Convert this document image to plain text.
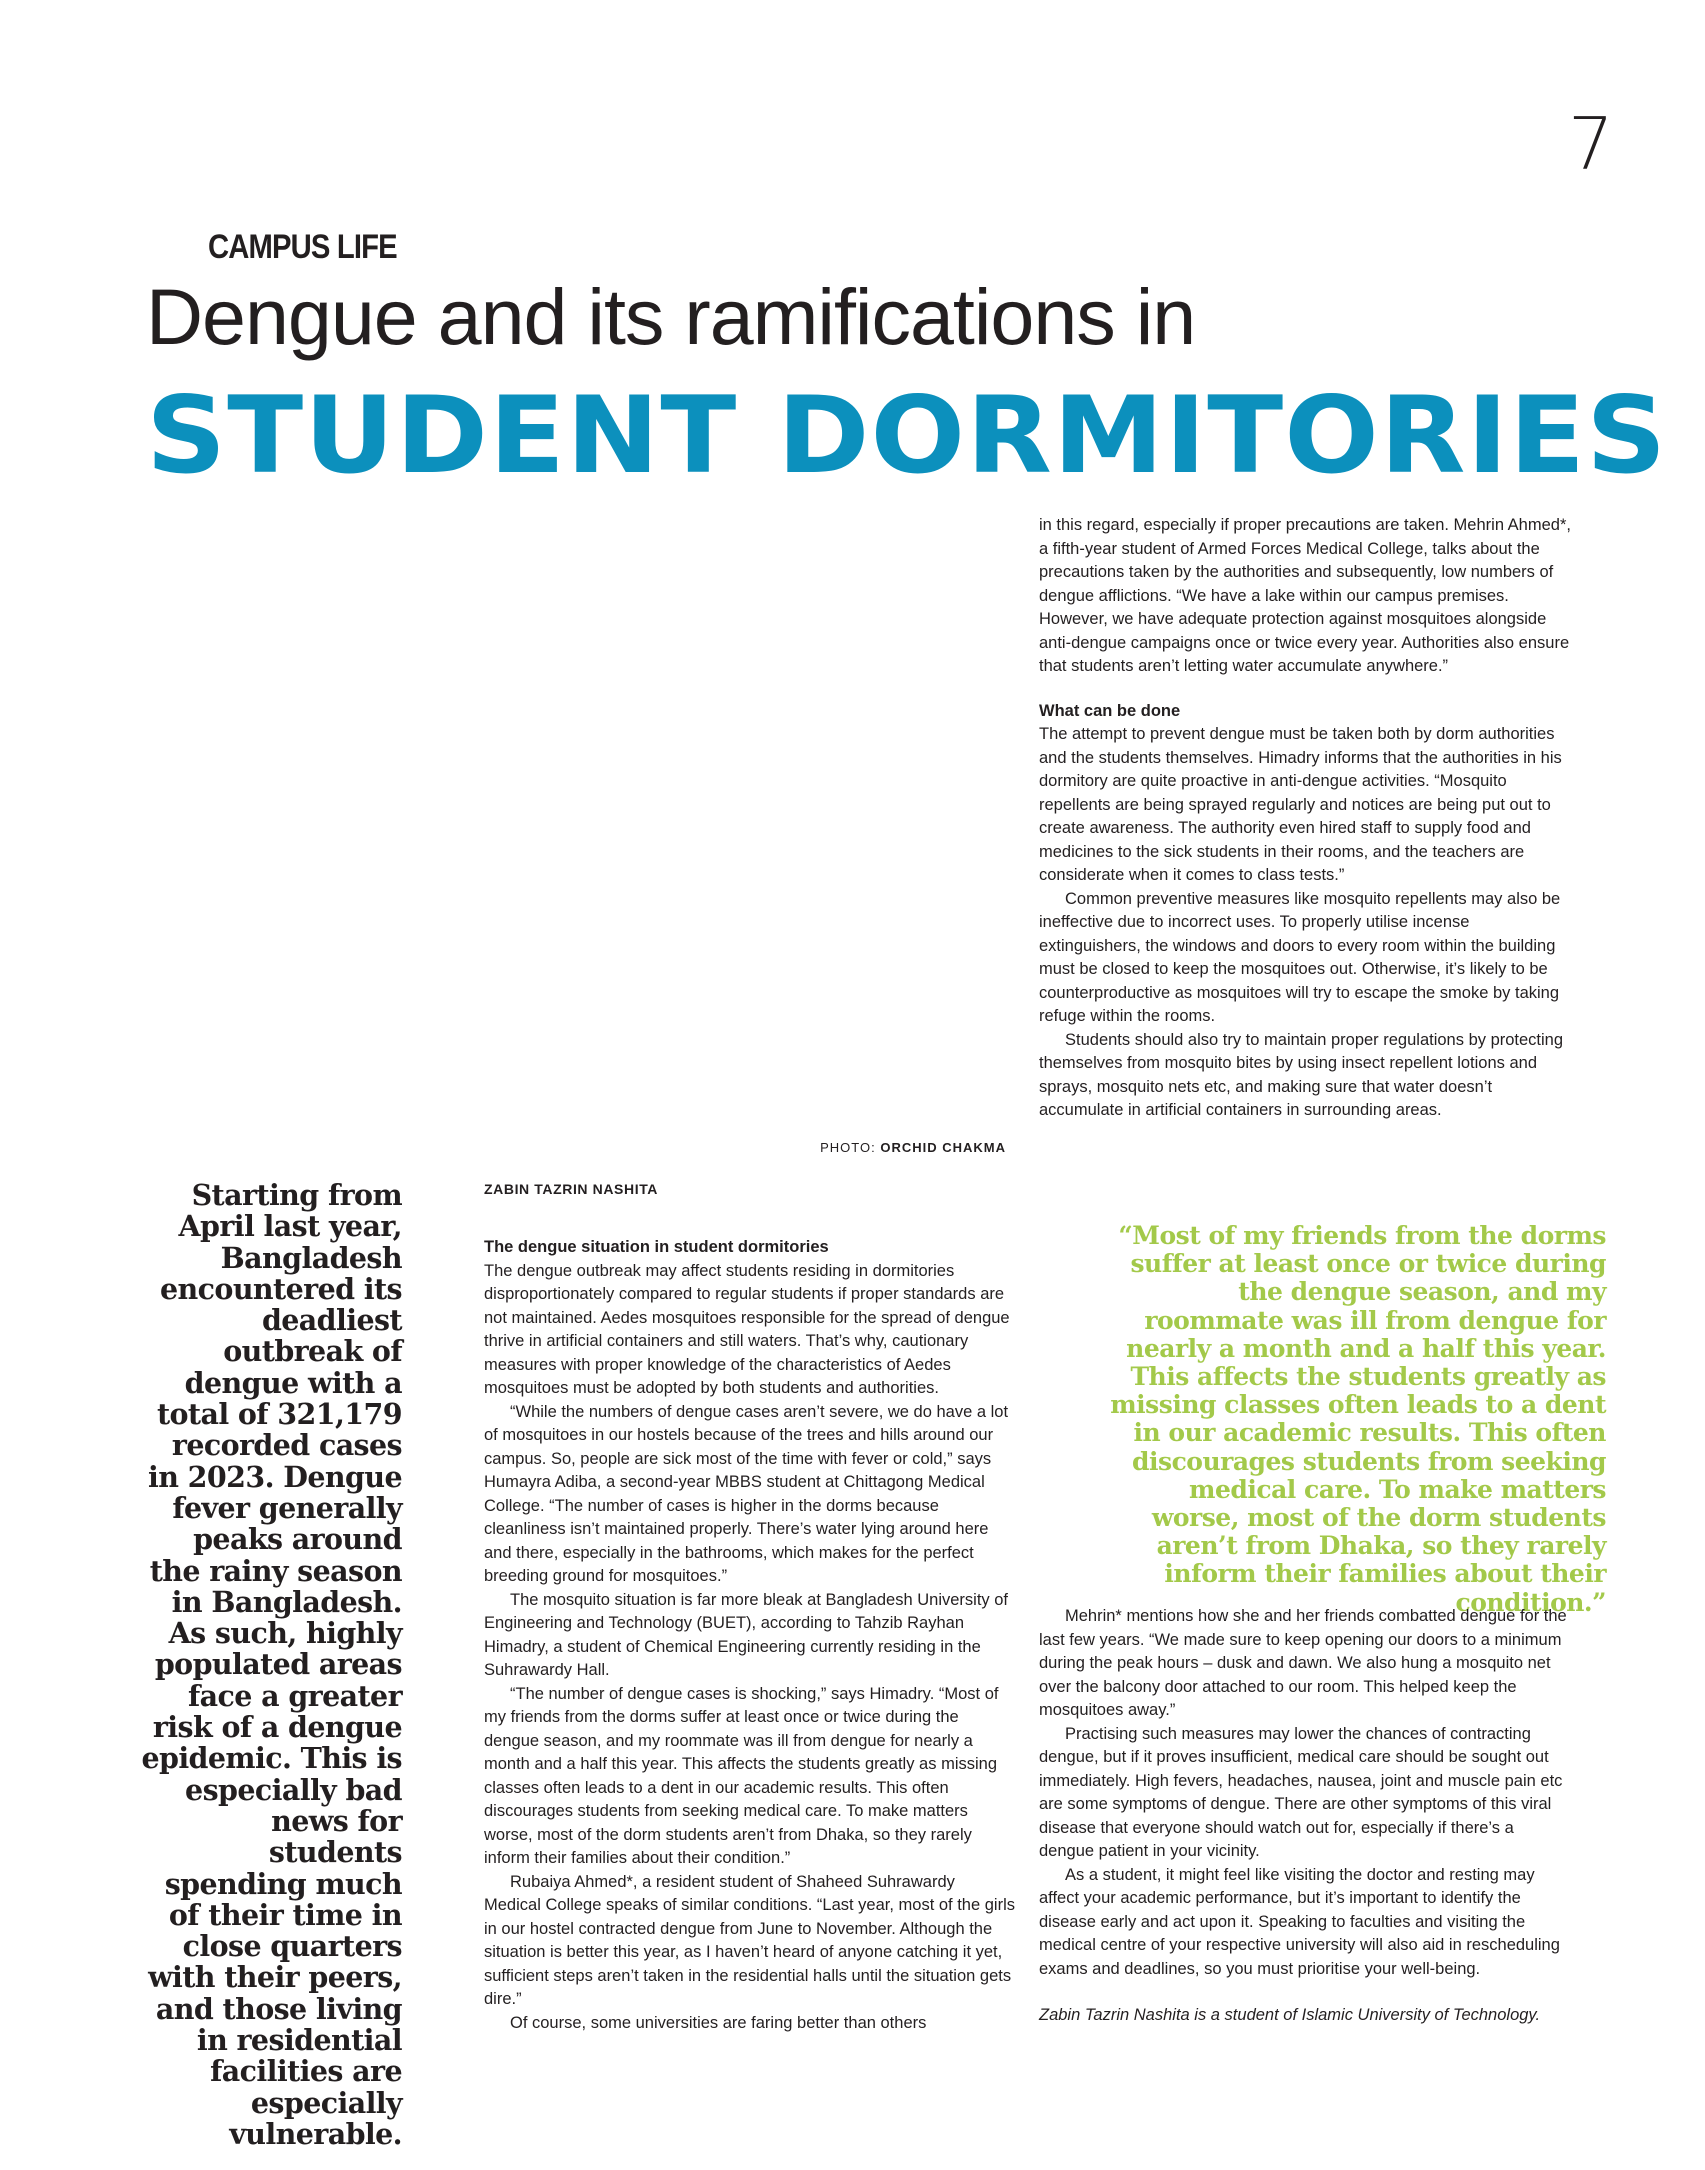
7
CAMPUS LIFE
Dengue and its ramifications in
STUDENT DORMITORIES
PHOTO: ORCHID CHAKMA
Starting from April last year, Bangladesh encountered its deadliest outbreak of dengue with a total of 321,179 recorded cases in 2023. Dengue fever generally peaks around the rainy season in Bangladesh. As such, highly populated areas face a greater risk of a dengue epidemic. This is especially bad news for students spending much of their time in close quarters with their peers, and those living in residential facilities are especially vulnerable.
ZABIN TAZRIN NASHITA

The dengue situation in student dormitories

The dengue outbreak may affect students residing in dormitories disproportionately compared to regular students if proper standards are not maintained. Aedes mosquitoes responsible for the spread of dengue thrive in artificial containers and still waters. That’s why, cautionary measures with proper knowledge of the characteristics of Aedes mosquitoes must be adopted by both students and authorities.

“While the numbers of dengue cases aren’t severe, we do have a lot of mosquitoes in our hostels because of the trees and hills around our campus. So, people are sick most of the time with fever or cold,” says Humayra Adiba, a second-year MBBS student at Chittagong Medical College. “The number of cases is higher in the dorms because cleanliness isn’t maintained properly. There’s water lying around here and there, especially in the bathrooms, which makes for the perfect breeding ground for mosquitoes.”

The mosquito situation is far more bleak at Bangladesh University of Engineering and Technology (BUET), according to Tahzib Rayhan Himadry, a student of Chemical Engineering currently residing in the Suhrawardy Hall.

“The number of dengue cases is shocking,” says Himadry. “Most of my friends from the dorms suffer at least once or twice during the dengue season, and my roommate was ill from dengue for nearly a month and a half this year. This affects the students greatly as missing classes often leads to a dent in our academic results. This often discourages students from seeking medical care. To make matters worse, most of the dorm students aren’t from Dhaka, so they rarely inform their families about their condition.”

Rubaiya Ahmed*, a resident student of Shaheed Suhrawardy Medical College speaks of similar conditions. “Last year, most of the girls in our hostel contracted dengue from June to November. Although the situation is better this year, as I haven’t heard of anyone catching it yet, sufficient steps aren’t taken in the residential halls until the situation gets dire.”

Of course, some universities are faring better than others

in this regard, especially if proper precautions are taken. Mehrin Ahmed*, a fifth-year student of Armed Forces Medical College, talks about the precautions taken by the authorities and subsequently, low numbers of dengue afflictions. “We have a lake within our campus premises. However, we have adequate protection against mosquitoes alongside anti-dengue campaigns once or twice every year. Authorities also ensure that students aren’t letting water accumulate anywhere.”

What can be done

The attempt to prevent dengue must be taken both by dorm authorities and the students themselves. Himadry informs that the authorities in his dormitory are quite proactive in anti-dengue activities. “Mosquito repellents are being sprayed regularly and notices are being put out to create awareness. The authority even hired staff to supply food and medicines to the sick students in their rooms, and the teachers are considerate when it comes to class tests.”

Common preventive measures like mosquito repellents may also be ineffective due to incorrect uses. To properly utilise incense extinguishers, the windows and doors to every room within the building must be closed to keep the mosquitoes out. Otherwise, it’s likely to be counterproductive as mosquitoes will try to escape the smoke by taking refuge within the rooms.

Students should also try to maintain proper regulations by protecting themselves from mosquito bites by using insect repellent lotions and sprays, mosquito nets etc, and making sure that water doesn’t accumulate in artificial containers in surrounding areas.

“Most of my friends from the dorms suffer at least once or twice during the dengue season, and my roommate was ill from dengue for nearly a month and a half this year. This affects the students greatly as missing classes often leads to a dent in our academic results. This often discourages students from seeking medical care. To make matters worse, most of the dorm students aren’t from Dhaka, so they rarely inform their families about their condition.”

Mehrin* mentions how she and her friends combatted dengue for the last few years. “We made sure to keep opening our doors to a minimum during the peak hours – dusk and dawn. We also hung a mosquito net over the balcony door attached to our room. This helped keep the mosquitoes away.”

Practising such measures may lower the chances of contracting dengue, but if it proves insufficient, medical care should be sought out immediately. High fevers, headaches, nausea, joint and muscle pain etc are some symptoms of dengue. There are other symptoms of this viral disease that everyone should watch out for, especially if there’s a dengue patient in your vicinity.

As a student, it might feel like visiting the doctor and resting may affect your academic performance, but it’s important to identify the disease early and act upon it. Speaking to faculties and visiting the medical centre of your respective university will also aid in rescheduling exams and deadlines, so you must prioritise your well-being.

Zabin Tazrin Nashita is a student of Islamic University of Technology.
